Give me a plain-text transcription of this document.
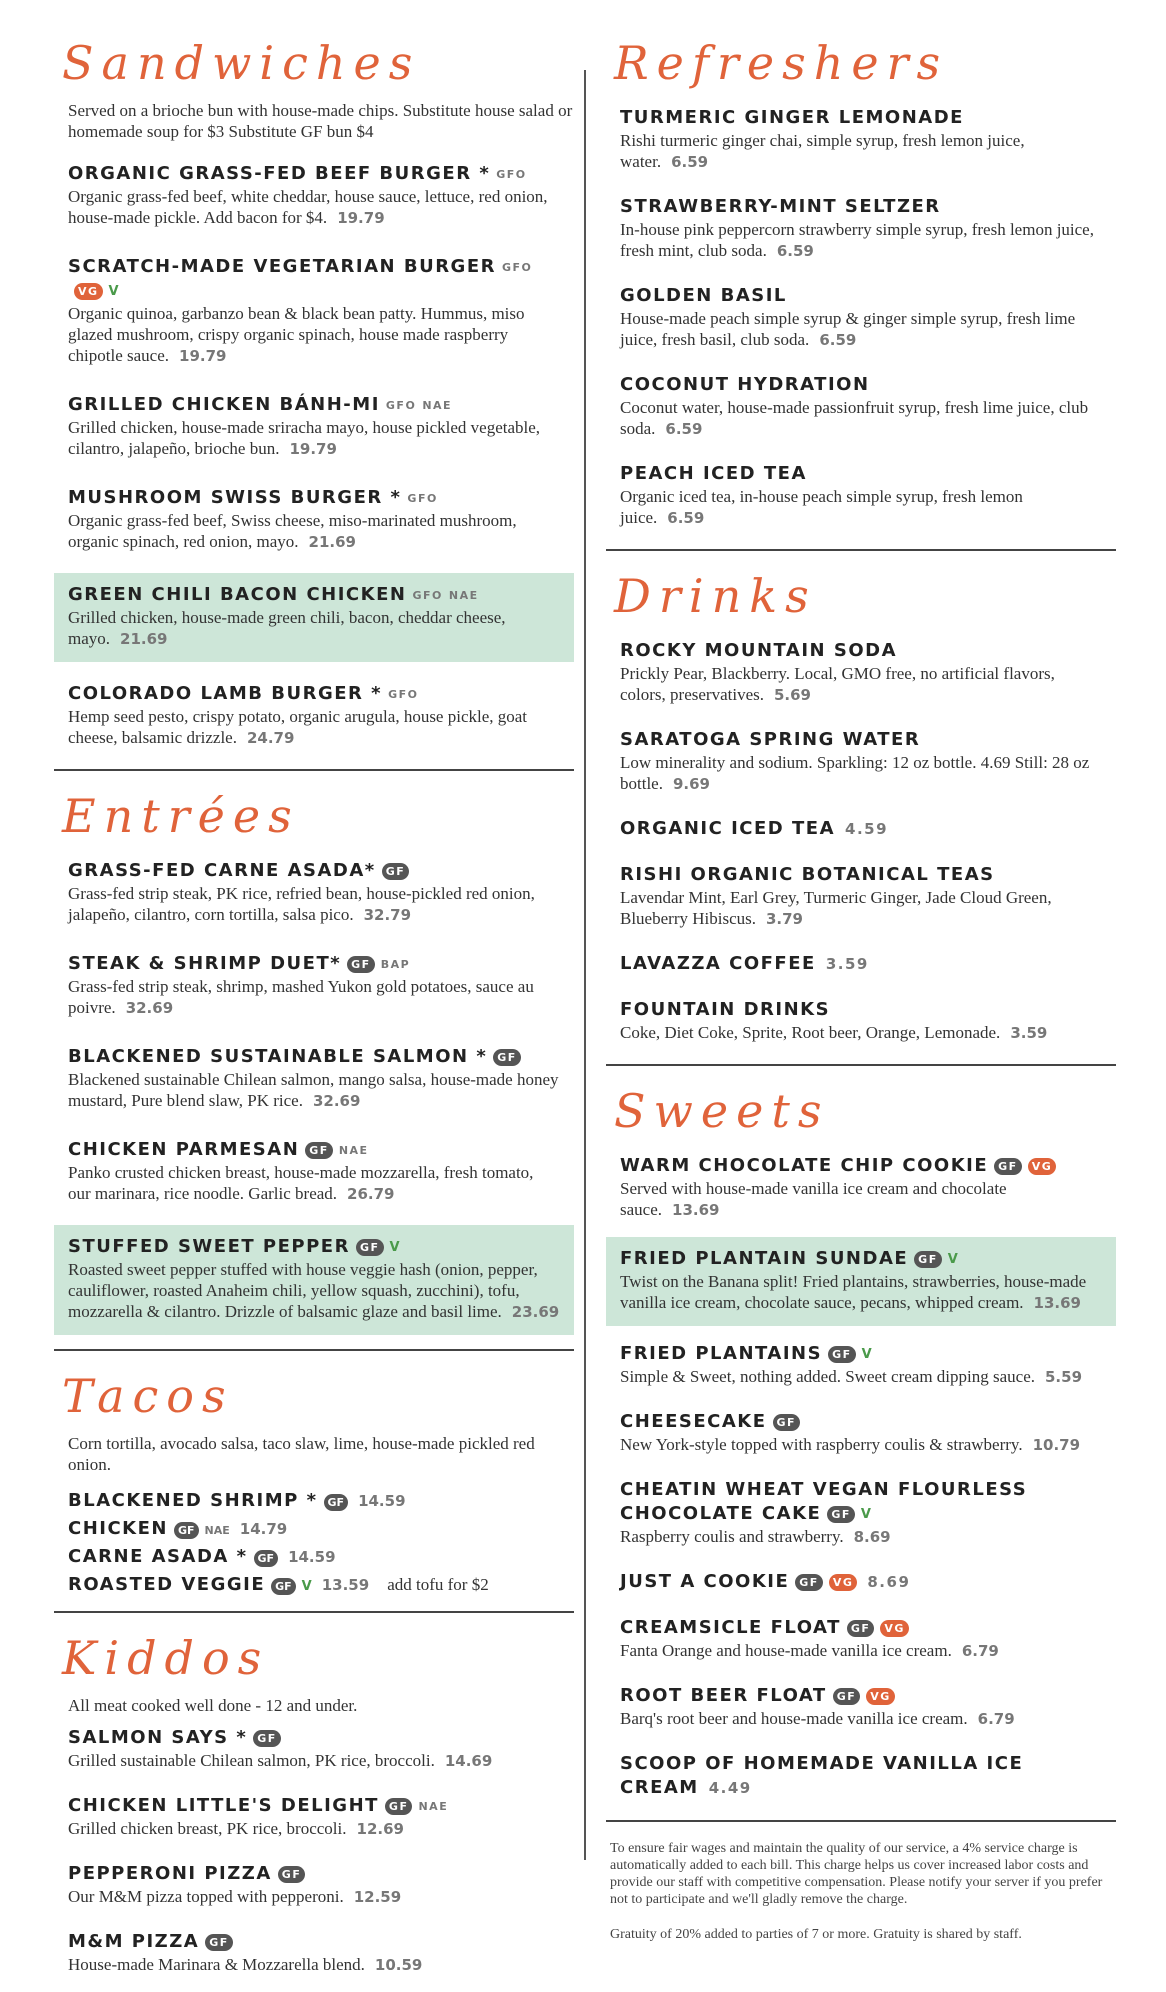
Sandwiches
Served on a brioche bun with house-made chips. Substitute house salad or homemade soup for $3 Substitute GF bun $4
ORGANIC GRASS-FED BEEF BURGER * GFO
Organic grass-fed beef, white cheddar, house sauce, lettuce, red onion, house-made pickle. Add bacon for $4. 19.79
SCRATCH-MADE VEGETARIAN BURGER GFOVG V
Organic quinoa, garbanzo bean & black bean patty. Hummus, miso glazed mushroom, crispy organic spinach, house made raspberry chipotle sauce. 19.79
GRILLED CHICKEN BÁNH-MI GFO NAE
Grilled chicken, house-made sriracha mayo, house pickled vegetable, cilantro, jalapeño, brioche bun. 19.79
MUSHROOM SWISS BURGER * GFO
Organic grass-fed beef, Swiss cheese, miso-marinated mushroom, organic spinach, red onion, mayo. 21.69
GREEN CHILI BACON CHICKEN GFO NAE
Grilled chicken, house-made green chili, bacon, cheddar cheese, mayo. 21.69
COLORADO LAMB BURGER * GFO
Hemp seed pesto, crispy potato, organic arugula, house pickle, goat cheese, balsamic drizzle. 24.79
Entrées
GRASS-FED CARNE ASADA* GF
Grass-fed strip steak, PK rice, refried bean, house-pickled red onion, jalapeño, cilantro, corn tortilla, salsa pico. 32.79
STEAK & SHRIMP DUET* GF BAP
Grass-fed strip steak, shrimp, mashed Yukon gold potatoes, sauce au poivre. 32.69
BLACKENED SUSTAINABLE SALMON * GF
Blackened sustainable Chilean salmon, mango salsa, house-made honey mustard, Pure blend slaw, PK rice. 32.69
CHICKEN PARMESAN GF NAE
Panko crusted chicken breast, house-made mozzarella, fresh tomato, our marinara, rice noodle. Garlic bread. 26.79
STUFFED SWEET PEPPER GF V
Roasted sweet pepper stuffed with house veggie hash (onion, pepper, cauliflower, roasted Anaheim chili, yellow squash, zucchini), tofu, mozzarella & cilantro. Drizzle of balsamic glaze and basil lime. 23.69
Tacos
Corn tortilla, avocado salsa, taco slaw, lime, house-made pickled red onion.
BLACKENED SHRIMP * GF 14.59
CHICKEN GF NAE 14.79
CARNE ASADA * GF 14.59
ROASTED VEGGIE GF V 13.59 add tofu for $2
Kiddos
All meat cooked well done - 12 and under.
SALMON SAYS * GF
Grilled sustainable Chilean salmon, PK rice, broccoli. 14.69
CHICKEN LITTLE'S DELIGHT GF NAE
Grilled chicken breast, PK rice, broccoli. 12.69
PEPPERONI PIZZA GF
Our M&M pizza topped with pepperoni. 12.59
M&M PIZZA GF
House-made Marinara & Mozzarella blend. 10.59
Refreshers
TURMERIC GINGER LEMONADE
Rishi turmeric ginger chai, simple syrup, fresh lemon juice, water. 6.59
STRAWBERRY-MINT SELTZER
In-house pink peppercorn strawberry simple syrup, fresh lemon juice, fresh mint, club soda. 6.59
GOLDEN BASIL
House-made peach simple syrup & ginger simple syrup, fresh lime juice, fresh basil, club soda. 6.59
COCONUT HYDRATION
Coconut water, house-made passionfruit syrup, fresh lime juice, club soda. 6.59
PEACH ICED TEA
Organic iced tea, in-house peach simple syrup, fresh lemon juice. 6.59
Drinks
ROCKY MOUNTAIN SODA
Prickly Pear, Blackberry. Local, GMO free, no artificial flavors, colors, preservatives. 5.69
SARATOGA SPRING WATER
Low minerality and sodium. Sparkling: 12 oz bottle. 4.69 Still: 28 oz bottle. 9.69
ORGANIC ICED TEA 4.59
RISHI ORGANIC BOTANICAL TEAS
Lavendar Mint, Earl Grey, Turmeric Ginger, Jade Cloud Green, Blueberry Hibiscus. 3.79
LAVAZZA COFFEE 3.59
FOUNTAIN DRINKS
Coke, Diet Coke, Sprite, Root beer, Orange, Lemonade. 3.59
Sweets
WARM CHOCOLATE CHIP COOKIE GF VG
Served with house-made vanilla ice cream and chocolate sauce. 13.69
FRIED PLANTAIN SUNDAE GF V
Twist on the Banana split! Fried plantains, strawberries, house-made vanilla ice cream, chocolate sauce, pecans, whipped cream. 13.69
FRIED PLANTAINS GF V
Simple & Sweet, nothing added. Sweet cream dipping sauce. 5.59
CHEESECAKE GF
New York-style topped with raspberry coulis & strawberry. 10.79
CHEATIN WHEAT VEGAN FLOURLESS CHOCOLATE CAKE GF V
Raspberry coulis and strawberry. 8.69
JUST A COOKIE GF VG 8.69
CREAMSICLE FLOAT GF VG
Fanta Orange and house-made vanilla ice cream. 6.79
ROOT BEER FLOAT GF VG
Barq's root beer and house-made vanilla ice cream. 6.79
SCOOP OF HOMEMADE VANILLA ICE CREAM 4.49
To ensure fair wages and maintain the quality of our service, a 4% service charge is automatically added to each bill. This charge helps us cover increased labor costs and provide our staff with competitive compensation. Please notify your server if you prefer not to participate and we'll gladly remove the charge.
Gratuity of 20% added to parties of 7 or more. Gratuity is shared by staff.
